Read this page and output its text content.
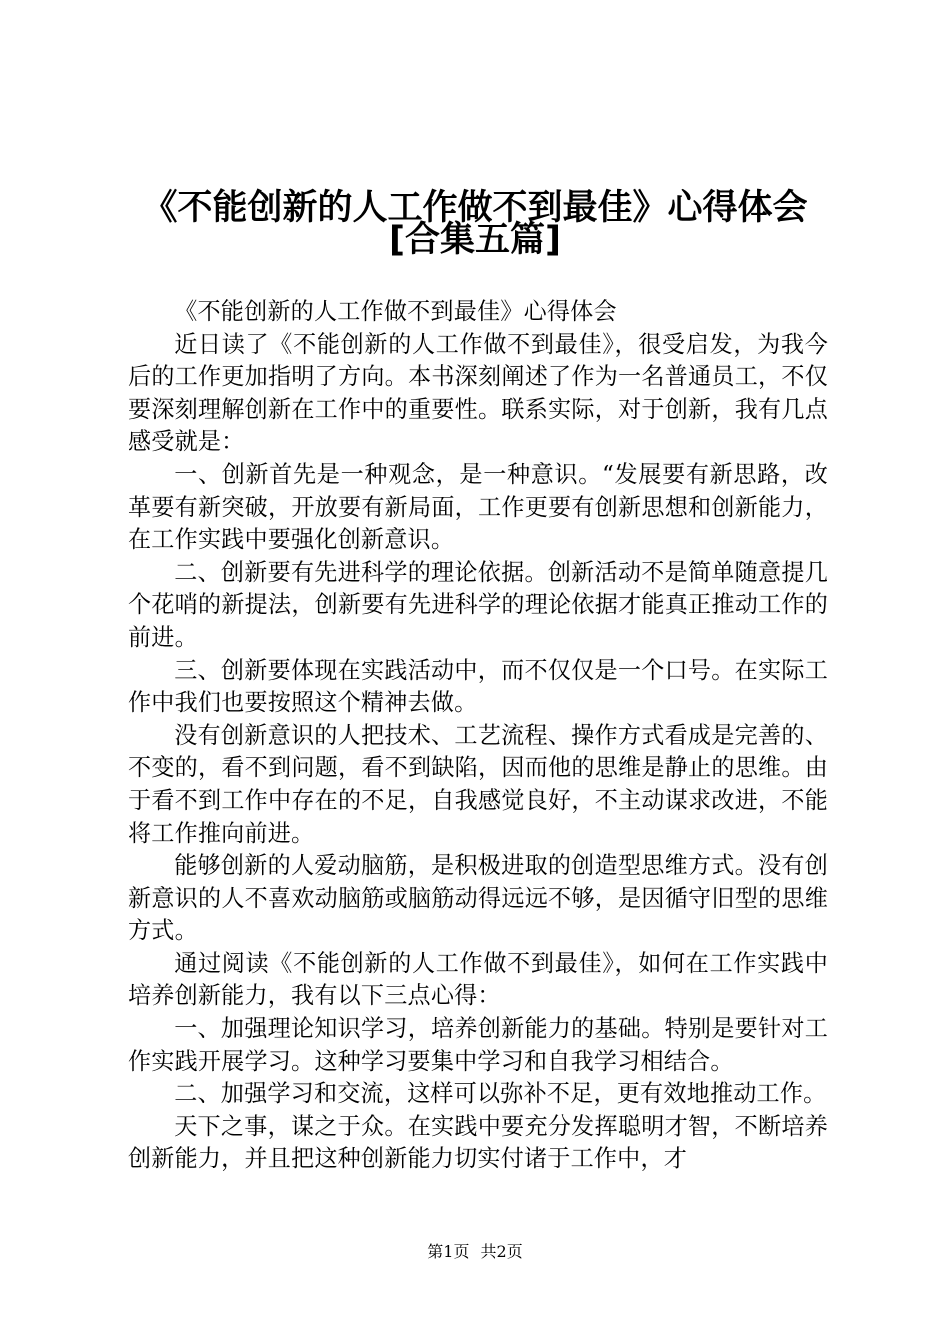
《不能创新的人工作做不到最佳》心得体会
[合集五篇]

《不能创新的人工作做不到最佳》心得体会

近日读了《不能创新的人工作做不到最佳》，很受启发，为我今后的工作更加指明了方向。本书深刻阐述了作为一名普通员工，不仅要深刻理解创新在工作中的重要性。联系实际，对于创新，我有几点感受就是：

一、创新首先是一种观念，是一种意识。“发展要有新思路，改革要有新突破，开放要有新局面，工作更要有创新思想和创新能力，在工作实践中要强化创新意识。

二、创新要有先进科学的理论依据。创新活动不是简单随意提几个花哨的新提法，创新要有先进科学的理论依据才能真正推动工作的前进。

三、创新要体现在实践活动中，而不仅仅是一个口号。在实际工作中我们也要按照这个精神去做。

没有创新意识的人把技术、工艺流程、操作方式看成是完善的、不变的，看不到问题，看不到缺陷，因而他的思维是静止的思维。由于看不到工作中存在的不足，自我感觉良好，不主动谋求改进，不能将工作推向前进。

能够创新的人爱动脑筋，是积极进取的创造型思维方式。没有创新意识的人不喜欢动脑筋或脑筋动得远远不够，是因循守旧型的思维方式。

通过阅读《不能创新的人工作做不到最佳》，如何在工作实践中培养创新能力，我有以下三点心得：

一、加强理论知识学习，培养创新能力的基础。特别是要针对工作实践开展学习。这种学习要集中学习和自我学习相结合。

二、加强学习和交流，这样可以弥补不足，更有效地推动工作。

天下之事，谋之于众。在实践中要充分发挥聪明才智，不断培养创新能力，并且把这种创新能力切实付诸于工作中，才

第1页 共2页
